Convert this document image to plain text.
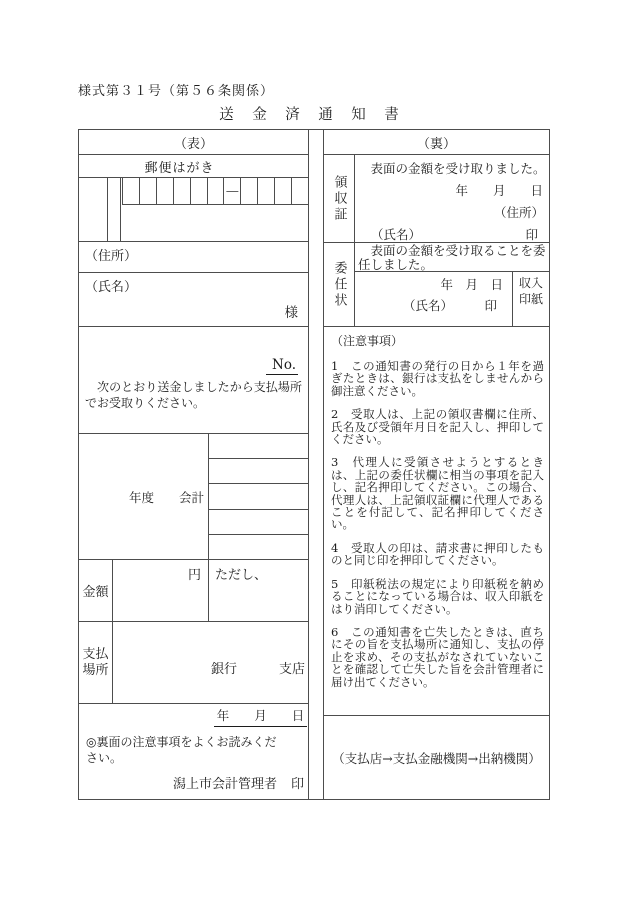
様式第３１号（第５６条関係）
送　金　済　通　知　書
（表）
郵便はがき
―
（住所）
（氏名）
様
No.
　次のとおり送金しましたから支払場所でお受取りください。
年度　　会計
金額
円	ただし、
支払場所	銀行	支店
年　　月　　日
◎裏面の注意事項をよくお読みください。
潟上市会計管理者 印
（裏）
領収証
　表面の金額を受け取りました。
年　　月　　日
（住所）
（氏名）	印
委任状
　表面の金額を受け取ることを委任しました。
年　月　日
（氏名）	印
収入印紙
（注意事項）
1　この通知書の発行の日から１年を過ぎたときは、銀行は支払をしませんから御注意ください。
2　受取人は、上記の領収書欄に住所、氏名及び受領年月日を記入し、押印してください。
3　代理人に受領させようとするときは、上記の委任状欄に相当の事項を記入し、記名押印してください。この場合、代理人は、上記領収証欄に代理人であることを付記して、記名押印してください。
4　受取人の印は、請求書に押印したものと同じ印を押印してください。
5　印紙税法の規定により印紙税を納めることになっている場合は、収入印紙をはり消印してください。
6　この通知書を亡失したときは、直ちにその旨を支払場所に通知し、支払の停止を求め、その支払がなされていないことを確認して亡失した旨を会計管理者に届け出てください。
（支払店→支払金融機関→出納機関）
